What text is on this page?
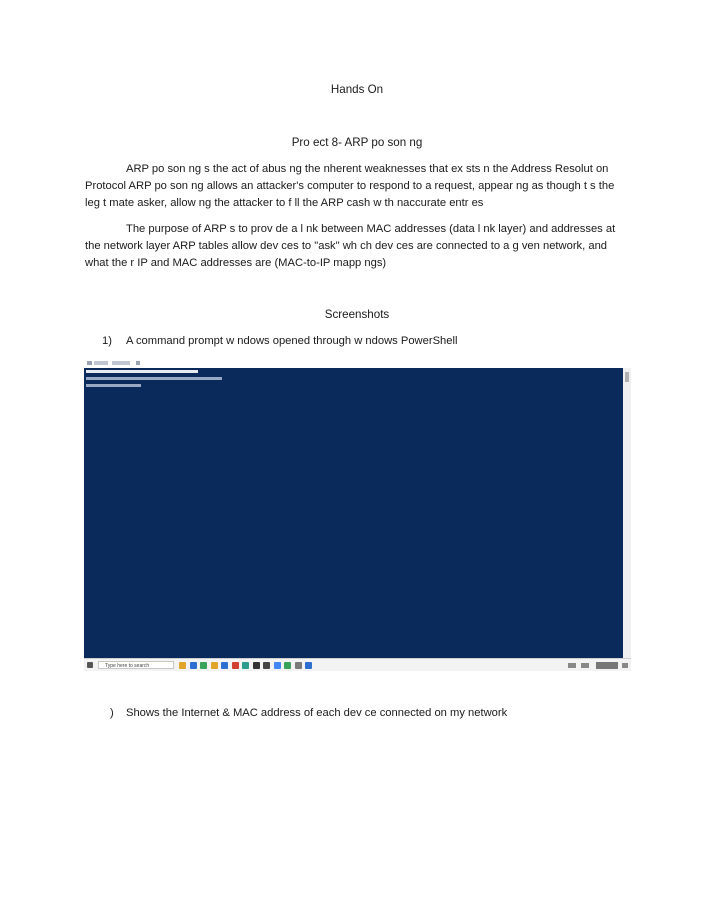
Hands On
Pro ect 8- ARP po son ng
ARP po son ng s the act of abus ng the nherent weaknesses that ex sts n the Address Resolut on Protocol ARP po son ng allows an attacker's computer to respond to a request, appear ng as though t s the leg t mate asker, allow ng the attacker to f ll the ARP cash w th naccurate entr es
The purpose of ARP s to prov de a l nk between MAC addresses (data l nk layer) and addresses at the network layer ARP tables allow dev ces to "ask" wh ch dev ces are connected to a g ven network, and what the r IP and MAC addresses are (MAC-to-IP mapp ngs)
Screenshots
1) A command prompt w ndows opened through w ndows PowerShell
Type here to search
) Shows the Internet & MAC address of each dev ce connected on my network
